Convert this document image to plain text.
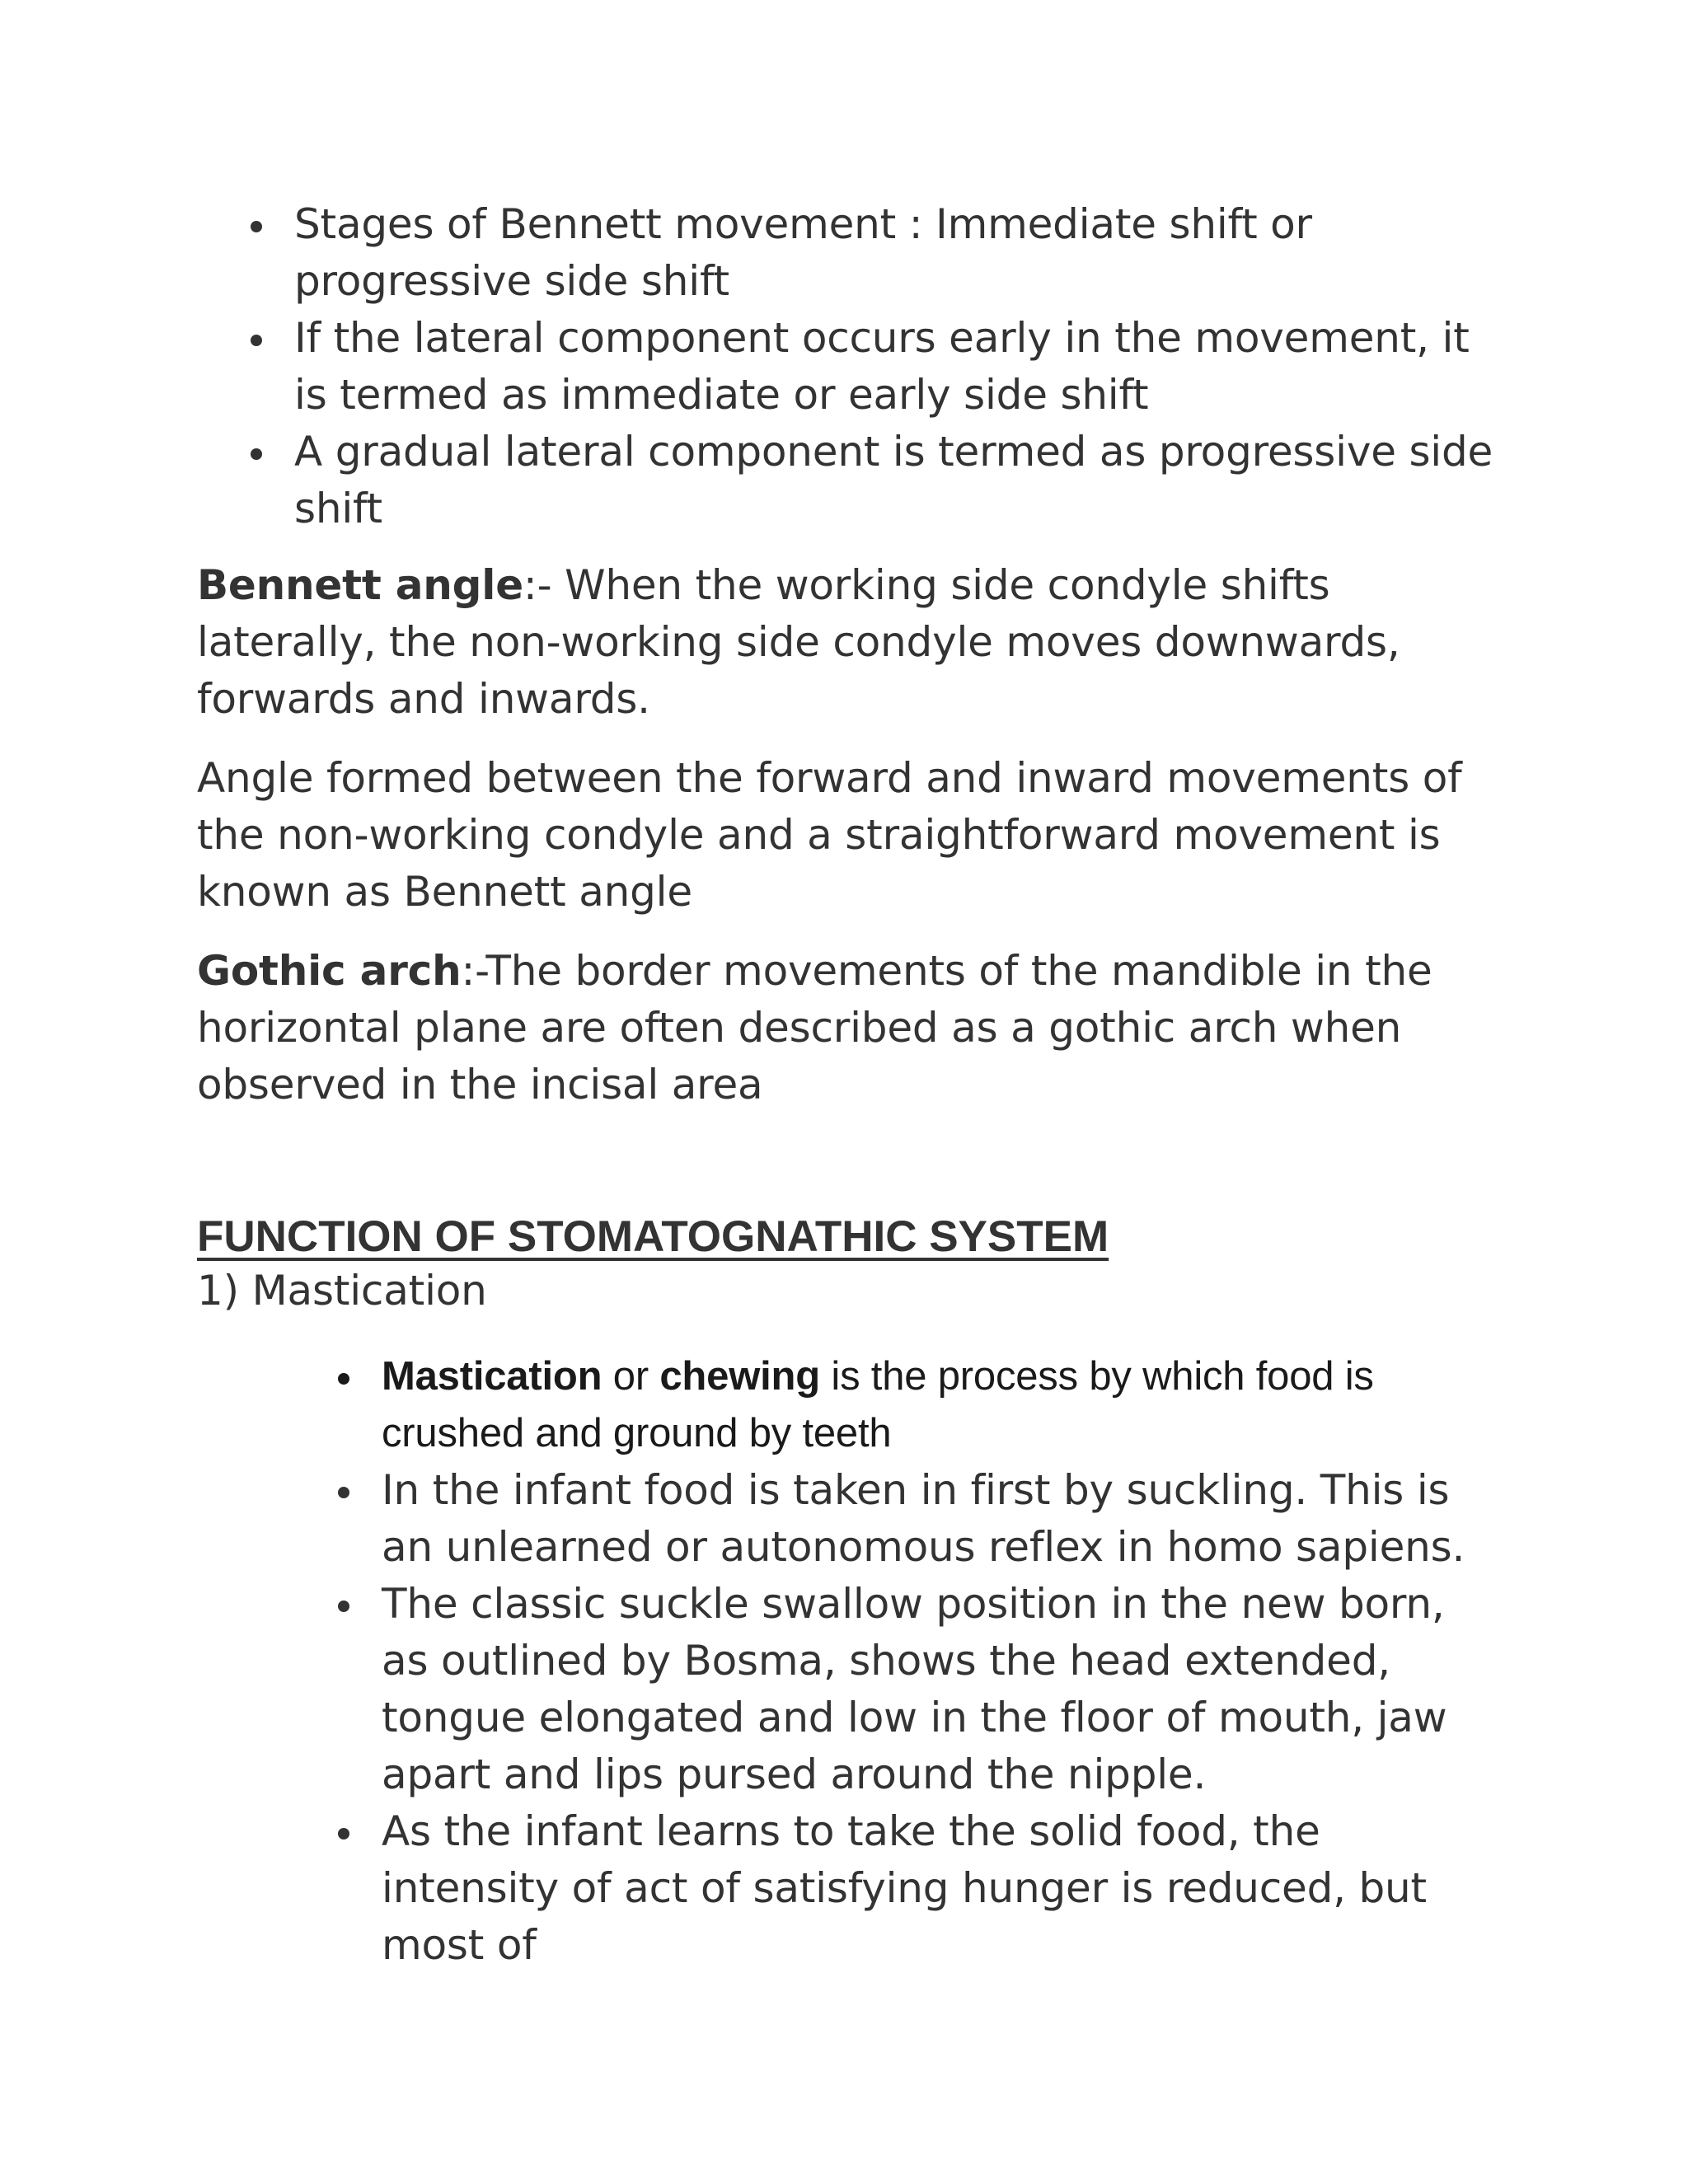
Stages of Bennett movement : Immediate shift or progressive side shift
If the lateral component occurs early in the movement, it is termed as immediate or early side shift
A gradual lateral component is termed as progressive side shift

Bennett angle:- When the working side condyle shifts laterally, the non-working side condyle moves downwards, forwards and inwards.

Angle formed between the forward and inward movements of the non-working condyle and a straightforward movement is known as Bennett angle

Gothic arch:-The border movements of the mandible in the horizontal plane are often described as a gothic arch when observed in the incisal area

FUNCTION OF STOMATOGNATHIC SYSTEM

1) Mastication

Mastication or chewing is the process by which food is crushed and ground by teeth
In the infant food is taken in first by suckling. This is an unlearned or autonomous reflex in homo sapiens.
The classic suckle swallow position in the new born, as outlined by Bosma, shows the head extended, tongue elongated and low in the floor of mouth, jaw apart and lips pursed around the nipple.
As the infant learns to take the solid food, the intensity of act of satisfying hunger is reduced, but most of
